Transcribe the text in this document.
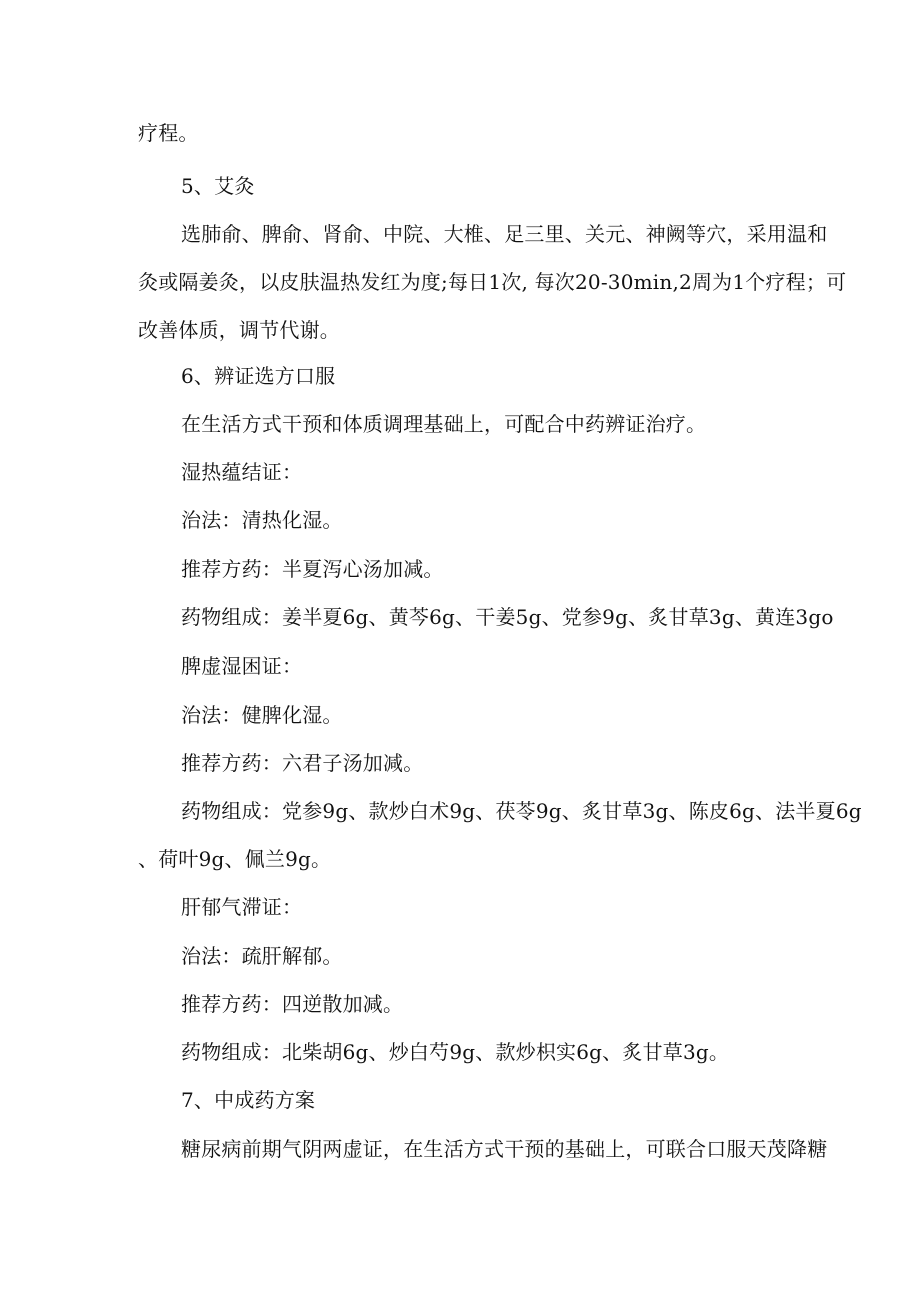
疗程。
5、艾灸
选肺俞、脾俞、肾俞、中院、大椎、足三里、关元、神阙等穴，采用温和
灸或隔姜灸，以皮肤温热发红为度;每日1次, 每次20-30min,2周为1个疗程；可
改善体质，调节代谢。
6、辨证选方口服
在生活方式干预和体质调理基础上，可配合中药辨证治疗。
湿热蕴结证：
治法：清热化湿。
推荐方药：半夏泻心汤加减。
药物组成：姜半夏6g、黄芩6g、干姜5g、党参9g、炙甘草3g、黄连3go
脾虚湿困证：
治法：健脾化湿。
推荐方药：六君子汤加减。
药物组成：党参9g、款炒白术9g、茯苓9g、炙甘草3g、陈皮6g、法半夏6g
、荷叶9g、佩兰9g。
肝郁气滞证：
治法：疏肝解郁。
推荐方药：四逆散加减。
药物组成：北柴胡6g、炒白芍9g、款炒枳实6g、炙甘草3g。
7、中成药方案
糖尿病前期气阴两虚证，在生活方式干预的基础上，可联合口服天茂降糖
